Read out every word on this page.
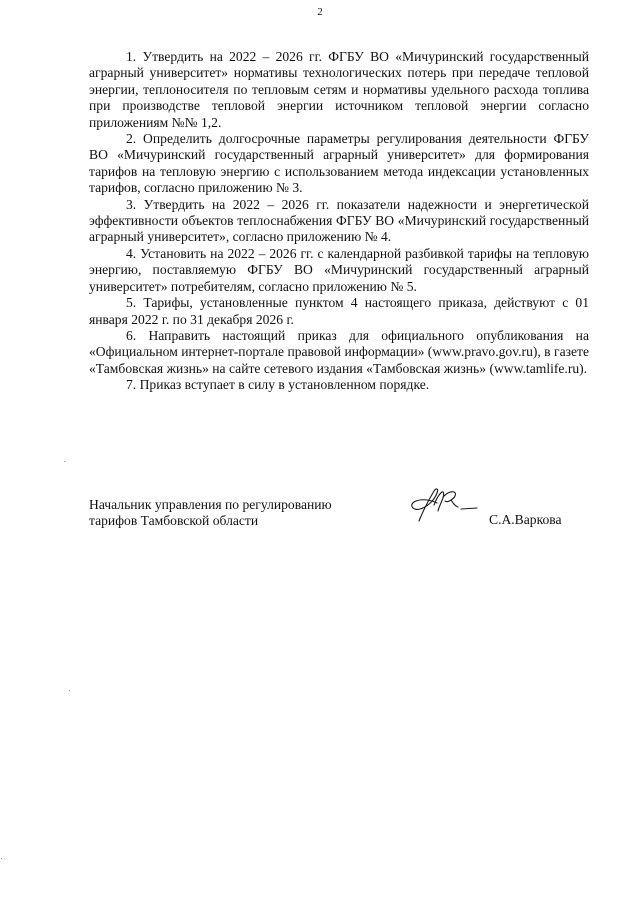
2

1. Утвердить на 2022 – 2026 гг. ФГБУ ВО «Мичуринский государственный аграрный университет» нормативы технологических потерь при передаче тепловой энергии, теплоносителя по тепловым сетям и нормативы удельного расхода топлива при производстве тепловой энергии источником тепловой энергии согласно приложениям №№ 1,2.

2. Определить долгосрочные параметры регулирования деятельности ФГБУ ВО «Мичуринский государственный аграрный университет» для формирования тарифов на тепловую энергию с использованием метода индексации установленных тарифов, согласно приложению № 3.

3. Утвердить на 2022 – 2026 гг. показатели надежности и энергетической эффективности объектов теплоснабжения ФГБУ ВО «Мичуринский государственный аграрный университет», согласно приложению № 4.

4. Установить на 2022 – 2026 гг. с календарной разбивкой тарифы на тепловую энергию, поставляемую ФГБУ ВО «Мичуринский государственный аграрный университет» потребителям, согласно приложению № 5.

5. Тарифы, установленные пунктом 4 настоящего приказа, действуют с 01 января 2022 г. по 31 декабря 2026 г.

6. Направить настоящий приказ для официального опубликования на «Официальном интернет-портале правовой информации» (www.pravo.gov.ru), в газете «Тамбовская жизнь» на сайте сетевого издания «Тамбовская жизнь» (www.tamlife.ru).

7. Приказ вступает в силу в установленном порядке.

Начальник управления по регулированию
тарифов Тамбовской области	С.А.Варкова
